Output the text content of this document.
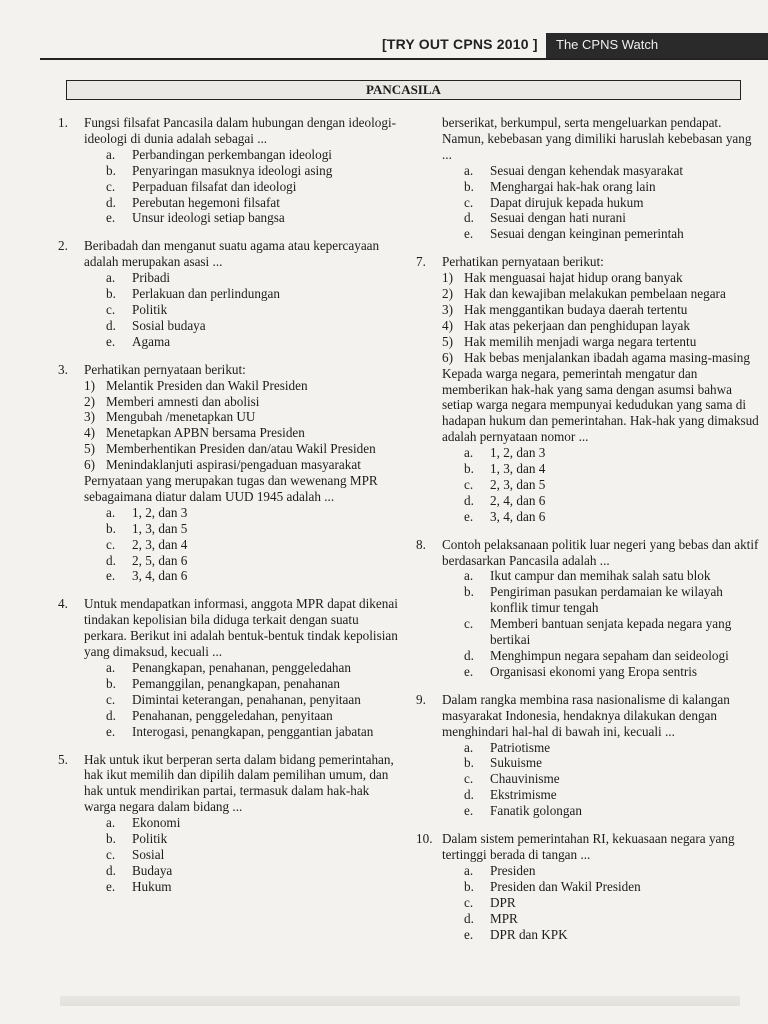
[TRY OUT CPNS 2010 ]	The CPNS Watch
PANCASILA
1.	Fungsi filsafat Pancasila dalam hubungan dengan ideologi-ideologi di dunia adalah sebagai ...
a.	Perbandingan perkembangan ideologi
b.	Penyaringan masuknya ideologi asing
c.	Perpaduan filsafat dan ideologi
d.	Perebutan hegemoni filsafat
e.	Unsur ideologi setiap bangsa
2.	Beribadah dan menganut suatu agama atau kepercayaan adalah merupakan asasi ...
a.	Pribadi
b.	Perlakuan dan perlindungan
c.	Politik
d.	Sosial budaya
e.	Agama
3.	Perhatikan pernyataan berikut:
1) Melantik Presiden dan Wakil Presiden
2) Memberi amnesti dan abolisi
3) Mengubah /menetapkan UU
4) Menetapkan APBN bersama Presiden
5) Memberhentikan Presiden dan/atau Wakil Presiden
6) Menindaklanjuti aspirasi/pengaduan masyarakat
Pernyataan yang merupakan tugas dan wewenang MPR sebagaimana diatur dalam UUD 1945 adalah ...
a.	1, 2, dan 3
b.	1, 3, dan 5
c.	2, 3, dan 4
d.	2, 5, dan 6
e.	3, 4, dan 6
4.	Untuk mendapatkan informasi, anggota MPR dapat dikenai tindakan kepolisian bila diduga terkait dengan suatu perkara. Berikut ini adalah bentuk-bentuk tindak kepolisian yang dimaksud, kecuali ...
a.	Penangkapan, penahanan, penggeledahan
b.	Pemanggilan, penangkapan, penahanan
c.	Dimintai keterangan, penahanan, penyitaan
d.	Penahanan, penggeledahan, penyitaan
e.	Interogasi, penangkapan, penggantian jabatan
5.	Hak untuk ikut berperan serta dalam bidang pemerintahan, hak ikut memilih dan dipilih dalam pemilihan umum, dan hak untuk mendirikan partai, termasuk dalam hak-hak warga negara dalam bidang ...
a.	Ekonomi
b.	Politik
c.	Sosial
d.	Budaya
e.	Hukum
berserikat, berkumpul, serta mengeluarkan pendapat. Namun, kebebasan yang dimiliki haruslah kebebasan yang ...
a.	Sesuai dengan kehendak masyarakat
b.	Menghargai hak-hak orang lain
c.	Dapat dirujuk kepada hukum
d.	Sesuai dengan hati nurani
e.	Sesuai dengan keinginan pemerintah
7.	Perhatikan pernyataan berikut:
1) Hak menguasai hajat hidup orang banyak
2) Hak dan kewajiban melakukan pembelaan negara
3) Hak menggantikan budaya daerah tertentu
4) Hak atas pekerjaan dan penghidupan layak
5) Hak memilih menjadi warga negara tertentu
6) Hak bebas menjalankan ibadah agama masing-masing
Kepada warga negara, pemerintah mengatur dan memberikan hak-hak yang sama dengan asumsi bahwa setiap warga negara mempunyai kedudukan yang sama di hadapan hukum dan pemerintahan. Hak-hak yang dimaksud adalah pernyataan nomor ...
a.	1, 2, dan 3
b.	1, 3, dan 4
c.	2, 3, dan 5
d.	2, 4, dan 6
e.	3, 4, dan 6
8.	Contoh pelaksanaan politik luar negeri yang bebas dan aktif berdasarkan Pancasila adalah ...
a.	Ikut campur dan memihak salah satu blok
b.	Pengiriman pasukan perdamaian ke wilayah konflik timur tengah
c.	Memberi bantuan senjata kepada negara yang bertikai
d.	Menghimpun negara sepaham dan seideologi
e.	Organisasi ekonomi yang Eropa sentris
9.	Dalam rangka membina rasa nasionalisme di kalangan masyarakat Indonesia, hendaknya dilakukan dengan menghindari hal-hal di bawah ini, kecuali ...
a.	Patriotisme
b.	Sukuisme
c.	Chauvinisme
d.	Ekstrimisme
e.	Fanatik golongan
10. Dalam sistem pemerintahan RI, kekuasaan negara yang tertinggi berada di tangan ...
a.	Presiden
b.	Presiden dan Wakil Presiden
c.	DPR
d.	MPR
e.	DPR dan KPK
